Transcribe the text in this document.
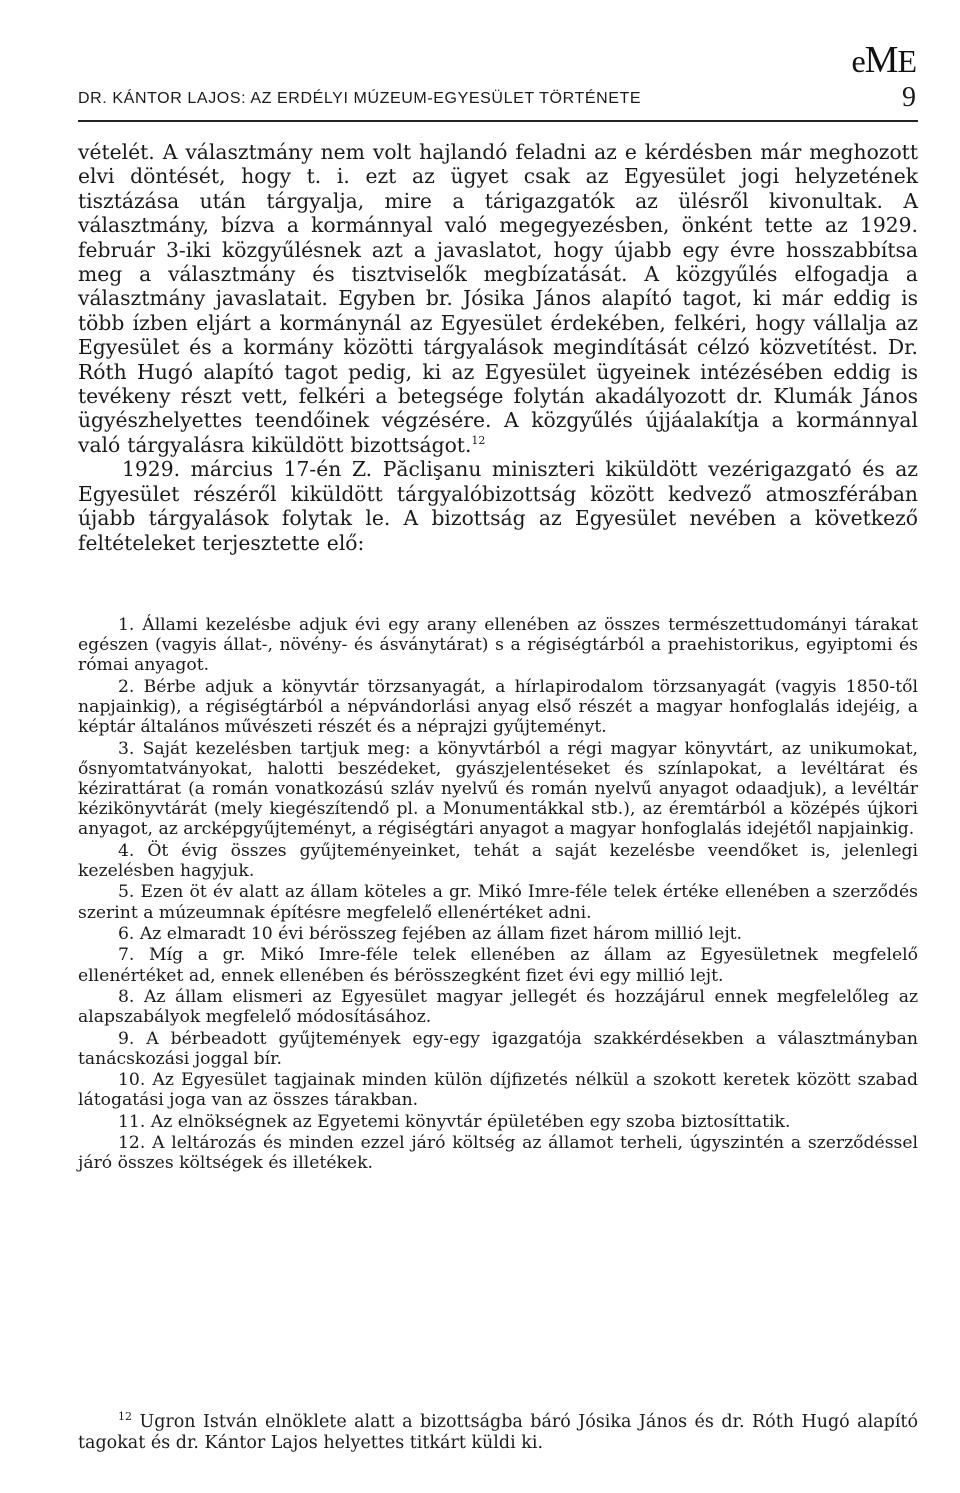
eME
DR. KÁNTOR LAJOS: AZ ERDÉLYI MÚZEUM-EGYESÜLET TÖRTÉNETE	9

vételét. A választmány nem volt hajlandó feladni az e kérdésben már meghozott elvi döntését, hogy t. i. ezt az ügyet csak az Egyesület jogi helyzetének tisztázása után tárgyalja, mire a tárigazgatók az ülésről kivonultak. A választmány, bízva a kormánnyal való megegyezésben, önként tette az 1929. február 3-iki közgyűlésnek azt a javaslatot, hogy újabb egy évre hosszabbítsa meg a választmány és tisztviselők megbízatását. A közgyűlés elfogadja a választmány javaslatait. Egyben br. Jósika János alapító tagot, ki már eddig is több ízben eljárt a kormánynál az Egyesület érdekében, felkéri, hogy vállalja az Egyesület és a kormány közötti tárgyalások megindítását célzó közvetítést. Dr. Róth Hugó alapító tagot pedig, ki az Egyesület ügyeinek intézésében eddig is tevékeny részt vett, felkéri a betegsége folytán akadályozott dr. Klumák János ügyészhelyettes teendőinek végzésére. A közgyűlés újjáalakítja a kormánnyal való tárgyalásra kiküldött bizottságot.$^{12}$

1929. március 17-én Z. Păclişanu miniszteri kiküldött vezérigazgató és az Egyesület részéről kiküldött tárgyalóbizottság között kedvező atmoszférában újabb tárgyalások folytak le. A bizottság az Egyesület nevében a következő feltételeket terjesztette elő:

1. Állami kezelésbe adjuk évi egy arany ellenében az összes természettudományi tárakat egészen (vagyis állat-, növény- és ásványtárat) s a régiségtárból a praehistorikus, egyiptomi és római anyagot.

2. Bérbe adjuk a könyvtár törzsanyagát, a hírlapirodalom törzsanyagát (vagyis 1850-től napjainkig), a régiségtárból a népvándorlási anyag első részét a magyar honfoglalás idejéig, a képtár általános művészeti részét és a néprajzi gyűjteményt.

3. Saját kezelésben tartjuk meg: a könyvtárból a régi magyar könyvtárt, az unikumokat, ősnyomtatványokat, halotti beszédeket, gyászjelentéseket és színlapokat, a levéltárat és kézirattárat (a román vonatkozású szláv nyelvű és román nyelvű anyagot odaadjuk), a levéltár kézikönyvtárát (mely kiegészítendő pl. a Monumentákkal stb.), az éremtárból a középés újkori anyagot, az arcképgyűjteményt, a régiségtári anyagot a magyar honfoglalás idejétől napjainkig.

4. Öt évig összes gyűjteményeinket, tehát a saját kezelésbe veendőket is, jelenlegi kezelésben hagyjuk.

5. Ezen öt év alatt az állam köteles a gr. Mikó Imre-féle telek értéke ellenében a szerződés szerint a múzeumnak építésre megfelelő ellenértéket adni.

6. Az elmaradt 10 évi bérösszeg fejében az állam fizet három millió lejt.

7. Míg a gr. Mikó Imre-féle telek ellenében az állam az Egyesületnek megfelelő ellenértéket ad, ennek ellenében és bérösszegként fizet évi egy millió lejt.

8. Az állam elismeri az Egyesület magyar jellegét és hozzájárul ennek megfelelőleg az alapszabályok megfelelő módosításához.

9. A bérbeadott gyűjtemények egy-egy igazgatója szakkérdésekben a választmányban tanácskozási joggal bír.

10. Az Egyesület tagjainak minden külön díjfizetés nélkül a szokott keretek között szabad látogatási joga van az összes tárakban.

11. Az elnökségnek az Egyetemi könyvtár épületében egy szoba biztosíttatik.

12. A leltározás és minden ezzel járó költség az államot terheli, úgyszintén a szerződéssel járó összes költségek és illetékek.

$^{12}$ Ugron István elnöklete alatt a bizottságba báró Jósika János és dr. Róth Hugó alapító tagokat és dr. Kántor Lajos helyettes titkárt küldi ki.
